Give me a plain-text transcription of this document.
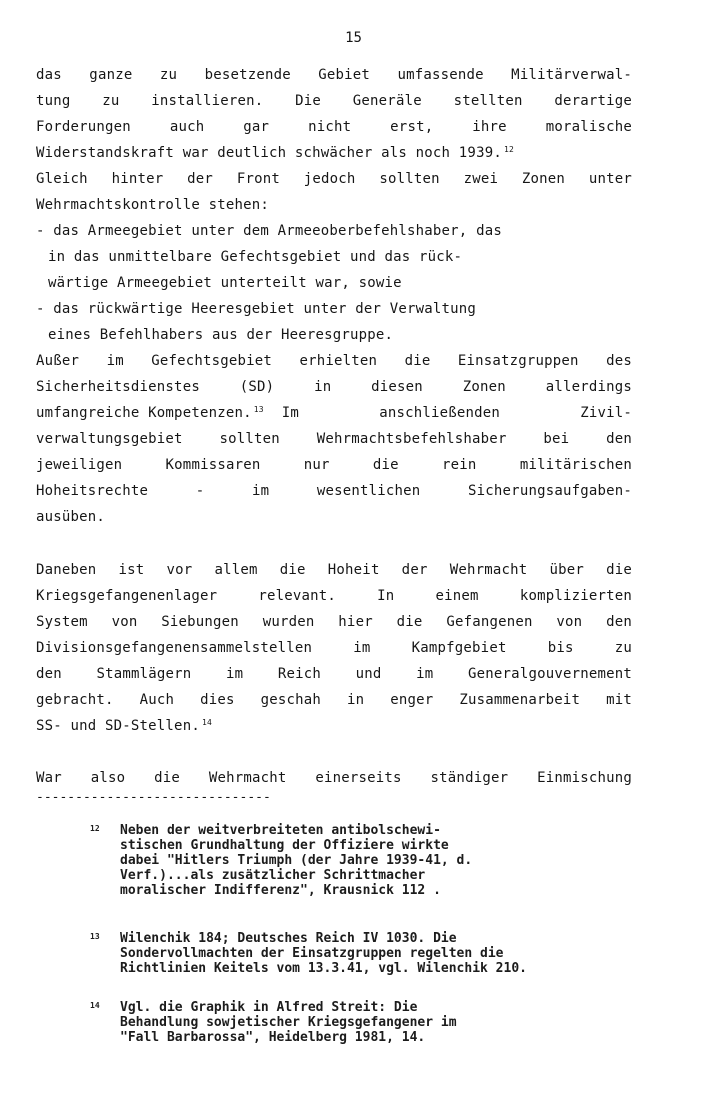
15
das ganze zu besetzende Gebiet umfassende Militärverwal-
tung zu installieren. Die Generäle stellten derartige
Forderungen auch gar nicht erst, ihre moralische
Widerstandskraft war deutlich schwächer als noch 1939. $^{12}$
Gleich hinter der Front jedoch sollten zwei Zonen unter
Wehrmachtskontrolle stehen:
- das Armeegebiet unter dem Armeeoberbefehlshaber, das
in das unmittelbare Gefechtsgebiet und das rück-
wärtige Armeegebiet unterteilt war, sowie
- das rückwärtige Heeresgebiet unter der Verwaltung
eines Befehlhabers aus der Heeresgruppe.
Außer im Gefechtsgebiet erhielten die Einsatzgruppen des
Sicherheitsdienstes (SD) in diesen Zonen allerdings
umfangreiche Kompetenzen. $^{13}$ Im anschließenden Zivil-
verwaltungsgebiet sollten Wehrmachtsbefehlshaber bei den
jeweiligen Kommissaren nur die rein militärischen
Hoheitsrechte - im wesentlichen Sicherungsaufgaben-
ausüben.
Daneben ist vor allem die Hoheit der Wehrmacht über die
Kriegsgefangenenlager relevant. In einem komplizierten
System von Siebungen wurden hier die Gefangenen von den
Divisionsgefangenensammelstellen im Kampfgebiet bis zu
den Stammlägern im Reich und im Generalgouvernement
gebracht. Auch dies geschah in enger Zusammenarbeit mit
SS- und SD-Stellen. $^{14}$
War also die Wehrmacht einerseits ständiger Einmischung
------------------------------
12 Neben der weitverbreiteten antibolschewi-
stischen Grundhaltung der Offiziere wirkte
dabei "Hitlers Triumph (der Jahre 1939-41, d.
Verf.)...als zusätzlicher Schrittmacher
moralischer Indifferenz", Krausnick 112 .
13 Wilenchik 184; Deutsches Reich IV 1030. Die
Sondervollmachten der Einsatzgruppen regelten die
Richtlinien Keitels vom 13.3.41, vgl. Wilenchik 210.
14 Vgl. die Graphik in Alfred Streit: Die
Behandlung sowjetischer Kriegsgefangener im
"Fall Barbarossa", Heidelberg 1981, 14.
